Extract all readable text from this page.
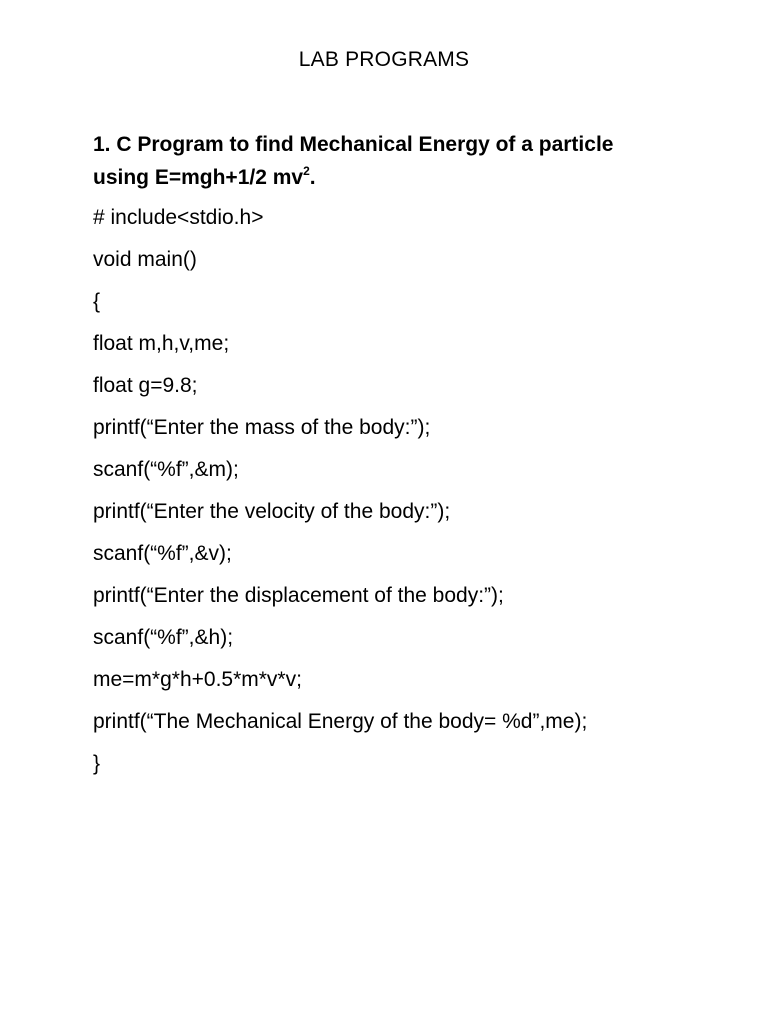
LAB PROGRAMS
1. C Program to find Mechanical Energy of a particle
using E=mgh+1/2 $mv^2$.
# include<stdio.h>
void main()
{
float m,h,v,me;
float g=9.8;
printf(“Enter the mass of the body:”);
scanf(“%f”,&m);
printf(“Enter the velocity of the body:”);
scanf(“%f”,&v);
printf(“Enter the displacement of the body:”);
scanf(“%f”,&h);
me=m*g*h+0.5*m*v*v;
printf(“The Mechanical Energy of the body= %d”,me);
}
